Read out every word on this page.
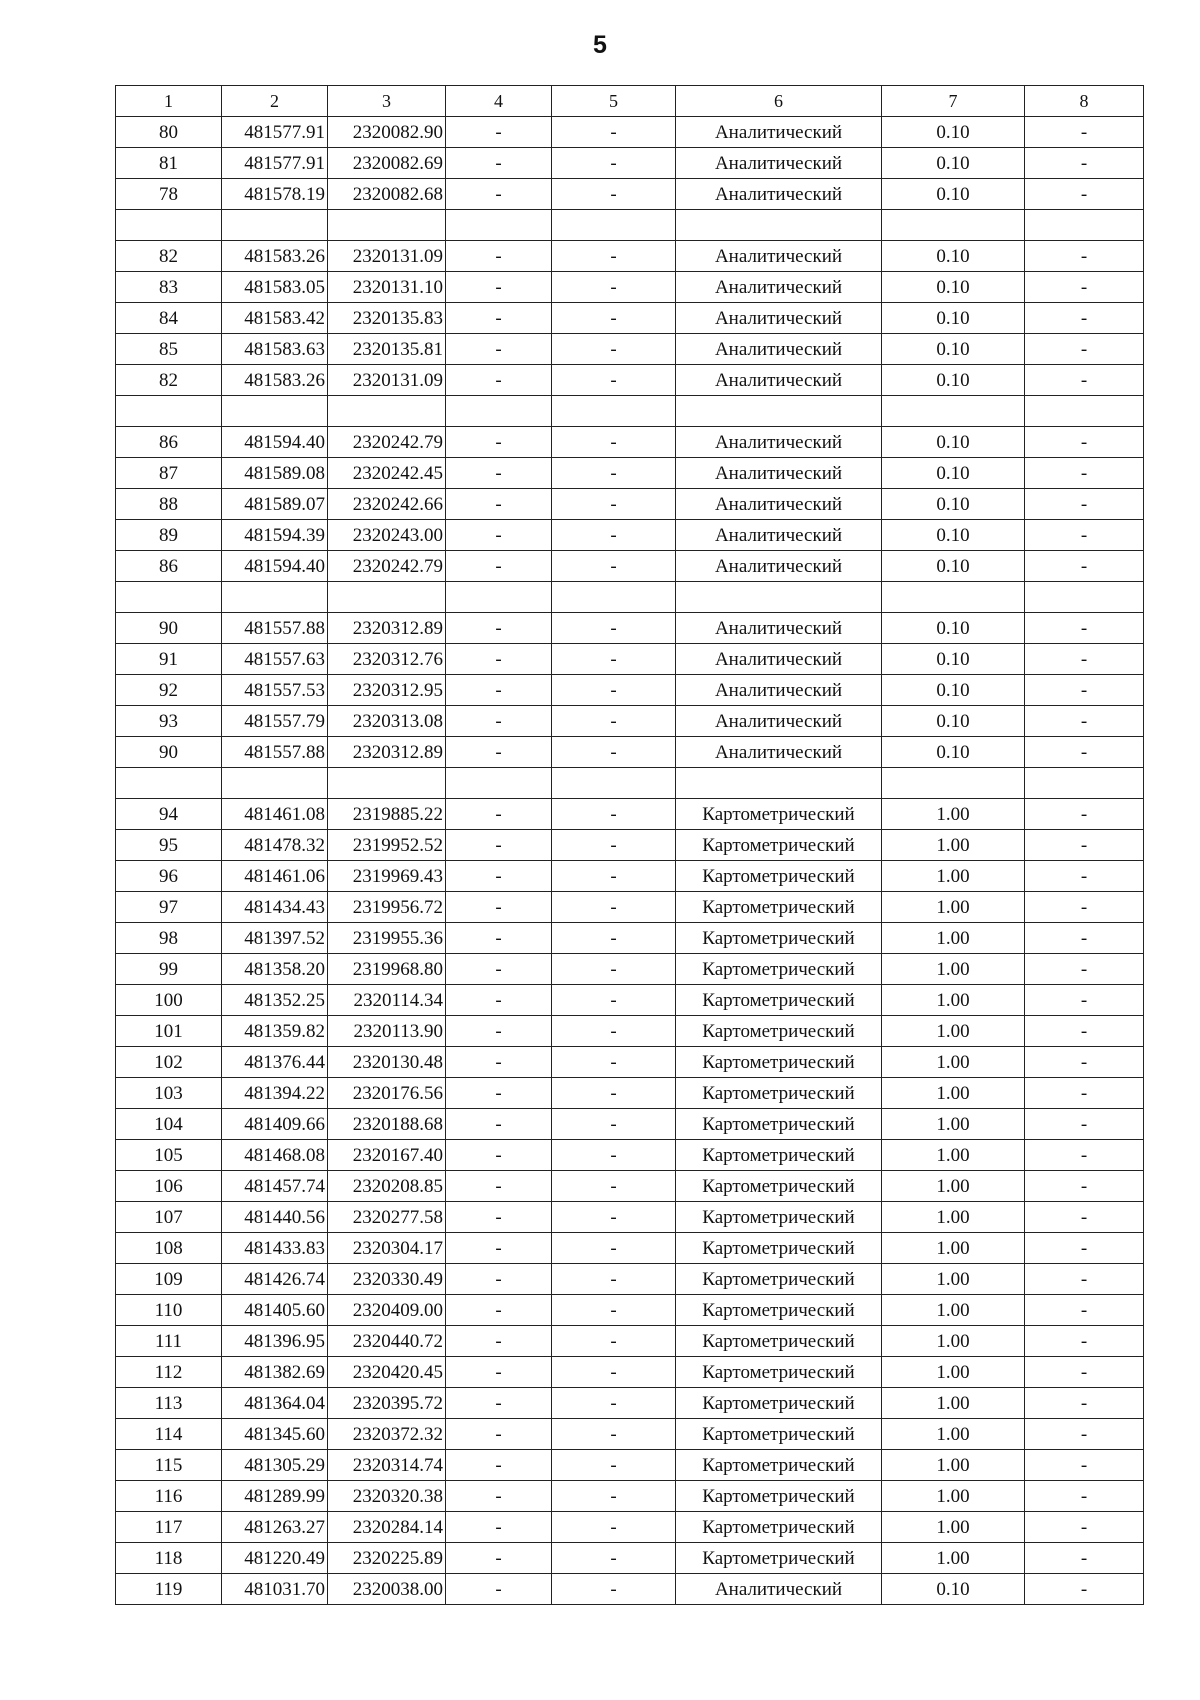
5
1	2	3	4	5	6	7	8
80	481577.91	2320082.90	-	-	Аналитический	0.10	-
81	481577.91	2320082.69	-	-	Аналитический	0.10	-
78	481578.19	2320082.68	-	-	Аналитический	0.10	-

82	481583.26	2320131.09	-	-	Аналитический	0.10	-
83	481583.05	2320131.10	-	-	Аналитический	0.10	-
84	481583.42	2320135.83	-	-	Аналитический	0.10	-
85	481583.63	2320135.81	-	-	Аналитический	0.10	-
82	481583.26	2320131.09	-	-	Аналитический	0.10	-

86	481594.40	2320242.79	-	-	Аналитический	0.10	-
87	481589.08	2320242.45	-	-	Аналитический	0.10	-
88	481589.07	2320242.66	-	-	Аналитический	0.10	-
89	481594.39	2320243.00	-	-	Аналитический	0.10	-
86	481594.40	2320242.79	-	-	Аналитический	0.10	-

90	481557.88	2320312.89	-	-	Аналитический	0.10	-
91	481557.63	2320312.76	-	-	Аналитический	0.10	-
92	481557.53	2320312.95	-	-	Аналитический	0.10	-
93	481557.79	2320313.08	-	-	Аналитический	0.10	-
90	481557.88	2320312.89	-	-	Аналитический	0.10	-

94	481461.08	2319885.22	-	-	Картометрический	1.00	-
95	481478.32	2319952.52	-	-	Картометрический	1.00	-
96	481461.06	2319969.43	-	-	Картометрический	1.00	-
97	481434.43	2319956.72	-	-	Картометрический	1.00	-
98	481397.52	2319955.36	-	-	Картометрический	1.00	-
99	481358.20	2319968.80	-	-	Картометрический	1.00	-
100	481352.25	2320114.34	-	-	Картометрический	1.00	-
101	481359.82	2320113.90	-	-	Картометрический	1.00	-
102	481376.44	2320130.48	-	-	Картометрический	1.00	-
103	481394.22	2320176.56	-	-	Картометрический	1.00	-
104	481409.66	2320188.68	-	-	Картометрический	1.00	-
105	481468.08	2320167.40	-	-	Картометрический	1.00	-
106	481457.74	2320208.85	-	-	Картометрический	1.00	-
107	481440.56	2320277.58	-	-	Картометрический	1.00	-
108	481433.83	2320304.17	-	-	Картометрический	1.00	-
109	481426.74	2320330.49	-	-	Картометрический	1.00	-
110	481405.60	2320409.00	-	-	Картометрический	1.00	-
111	481396.95	2320440.72	-	-	Картометрический	1.00	-
112	481382.69	2320420.45	-	-	Картометрический	1.00	-
113	481364.04	2320395.72	-	-	Картометрический	1.00	-
114	481345.60	2320372.32	-	-	Картометрический	1.00	-
115	481305.29	2320314.74	-	-	Картометрический	1.00	-
116	481289.99	2320320.38	-	-	Картометрический	1.00	-
117	481263.27	2320284.14	-	-	Картометрический	1.00	-
118	481220.49	2320225.89	-	-	Картометрический	1.00	-
119	481031.70	2320038.00	-	-	Аналитический	0.10	-
